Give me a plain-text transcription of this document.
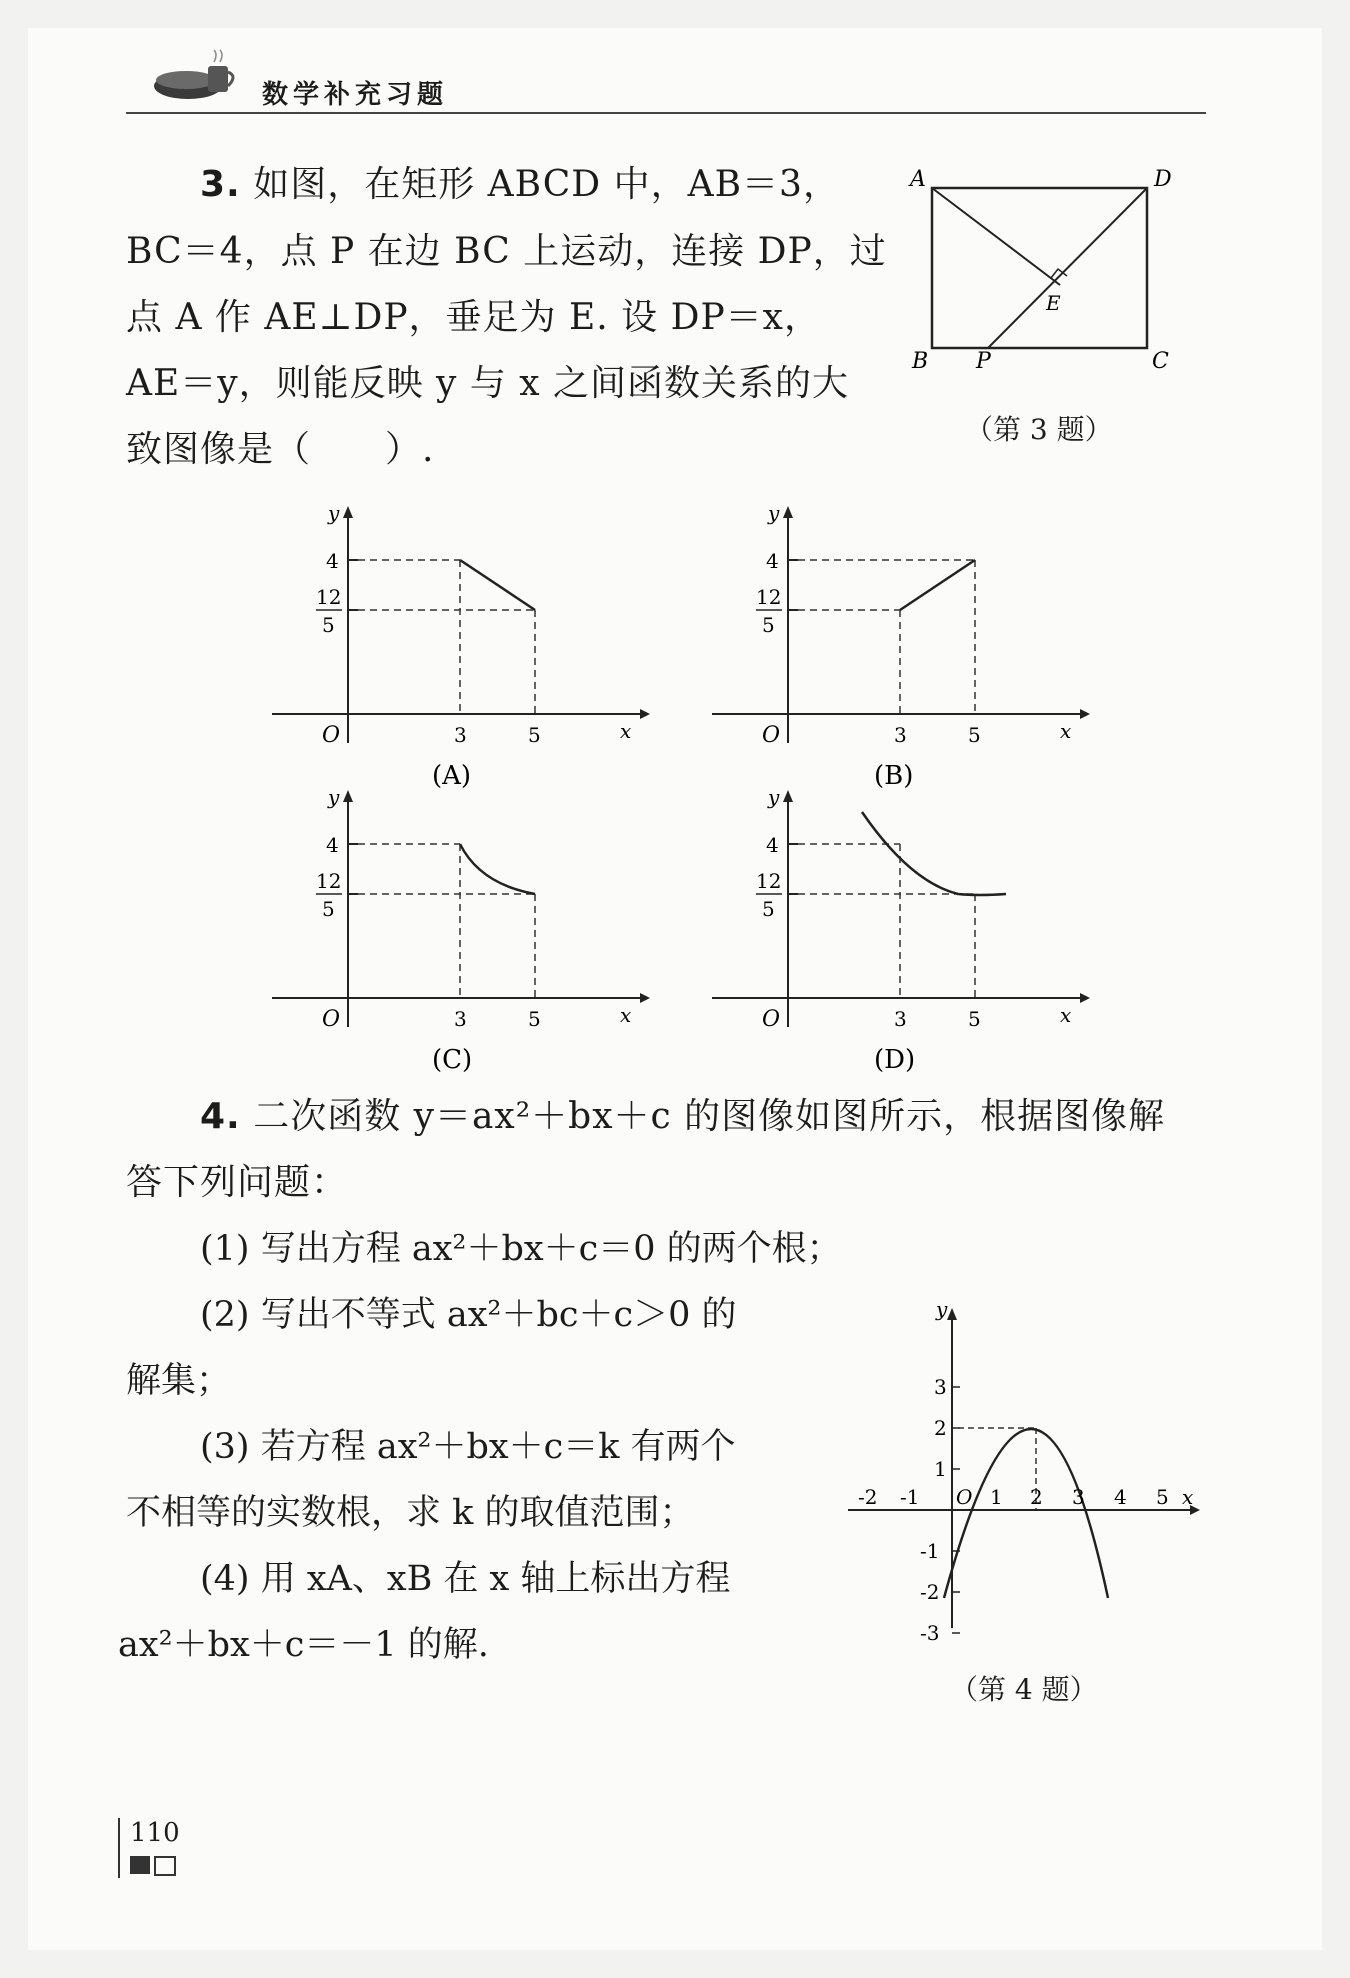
数学补充习题
3. 如图，在矩形 ABCD 中，AB＝3，
BC＝4，点 P 在边 BC 上运动，连接 DP，过
点 A 作 AE⊥DP，垂足为 E. 设 DP＝x，
AE＝y，则能反映 y 与 x 之间函数关系的大
致图像是（　　）.
A	D
E
B P	C
（第 3 题）
y
4
12
5
O	3	5	x
(A)
y
4
12
5
O	3	5	x
(B)
y
4
12
5
O	3	5	x
(C)
y
4
12
5
O	3	5	x
(D)
4. 二次函数 y＝ax²＋bx＋c 的图像如图所示，根据图像解
答下列问题：
(1) 写出方程 ax²＋bx＋c＝0 的两个根；
(2) 写出不等式 ax²＋bc＋c＞0 的
解集；
(3) 若方程 ax²＋bx＋c＝k 有两个
不相等的实数根，求 k 的取值范围；
(4) 用 xA、xB 在 x 轴上标出方程
ax²＋bx＋c＝－1 的解.
y
3
2
1
-1
-2
-3
O
-2 -1	1 2 3 4 5 x
（第 4 题）
110
